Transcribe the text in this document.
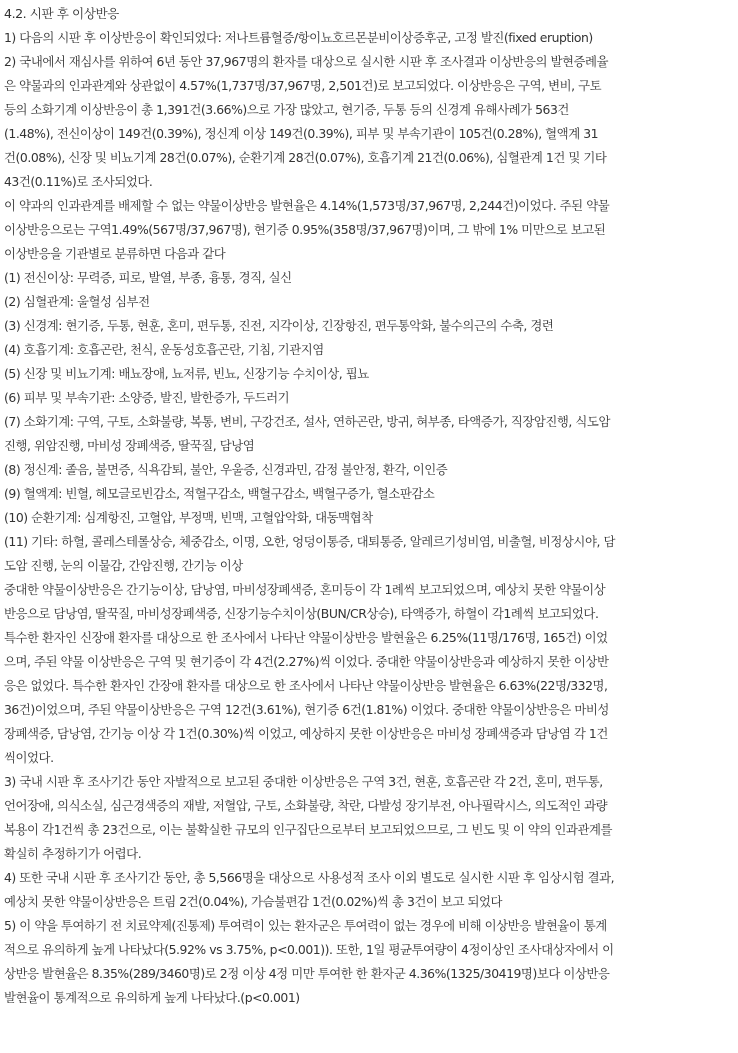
4.2. 시판 후 이상반응
1) 다음의 시판 후 이상반응이 확인되었다: 저나트륨혈증/항이뇨호르몬분비이상증후군, 고정 발진(fixed eruption)
2) 국내에서 재심사를 위하여 6년 동안 37,967명의 환자를 대상으로 실시한 시판 후 조사결과 이상반응의 발현증례율
은 약물과의 인과관계와 상관없이 4.57%(1,737명/37,967명, 2,501건)로 보고되었다. 이상반응은 구역, 변비, 구토
등의 소화기계 이상반응이 총 1,391건(3.66%)으로 가장 많았고, 현기증, 두통 등의 신경계 유해사례가 563건
(1.48%), 전신이상이 149건(0.39%), 정신계 이상 149건(0.39%), 피부 및 부속기관이 105건(0.28%), 혈액계 31
건(0.08%), 신장 및 비뇨기계 28건(0.07%), 순환기계 28건(0.07%), 호흡기계 21건(0.06%), 심혈관계 1건 및 기타
43건(0.11%)로 조사되었다.
이 약과의 인과관계를 배제할 수 없는 약물이상반응 발현율은 4.14%(1,573명/37,967명, 2,244건)이었다. 주된 약물
이상반응으로는 구역1.49%(567명/37,967명), 현기증 0.95%(358명/37,967명)이며, 그 밖에 1% 미만으로 보고된
이상반응을 기관별로 분류하면 다음과 같다
(1) 전신이상: 무력증, 피로, 발열, 부종, 흉통, 경직, 실신
(2) 심혈관계: 울혈성 심부전
(3) 신경계: 현기증, 두통, 현훈, 혼미, 편두통, 진전, 지각이상, 긴장항진, 편두통악화, 불수의근의 수축, 경련
(4) 호흡기계: 호흡곤란, 천식, 운동성호흡곤란, 기침, 기관지염
(5) 신장 및 비뇨기계: 배뇨장애, 뇨저류, 빈뇨, 신장기능 수치이상, 핍뇨
(6) 피부 및 부속기관: 소양증, 발진, 발한증가, 두드러기
(7) 소화기계: 구역, 구토, 소화불량, 복통, 변비, 구강건조, 설사, 연하곤란, 방귀, 혀부종, 타액증가, 직장암진행, 식도암
진행, 위암진행, 마비성 장폐색증, 딸꾹질, 담낭염
(8) 정신계: 졸음, 불면증, 식욕감퇴, 불안, 우울증, 신경과민, 감정 불안정, 환각, 이인증
(9) 혈액계: 빈혈, 헤모글로빈감소, 적혈구감소, 백혈구감소, 백혈구증가, 혈소판감소
(10) 순환기계: 심계항진, 고혈압, 부정맥, 빈맥, 고혈압악화, 대동맥협착
(11) 기타: 하혈, 콜레스테롤상승, 체중감소, 이명, 오한, 엉덩이통증, 대퇴통증, 알레르기성비염, 비출혈, 비정상시야, 담
도암 진행, 눈의 이물감, 간암진행, 간기능 이상
중대한 약물이상반응은 간기능이상, 담낭염, 마비성장폐색증, 혼미등이 각 1례씩 보고되었으며, 예상치 못한 약물이상
반응으로 담낭염, 딸꾹질, 마비성장폐색증, 신장기능수치이상(BUN/CR상승), 타액증가, 하혈이 각1례씩 보고되었다.
특수한 환자인 신장애 환자를 대상으로 한 조사에서 나타난 약물이상반응 발현율은 6.25%(11명/176명, 165건) 이었
으며, 주된 약물 이상반응은 구역 및 현기증이 각 4건(2.27%)씩 이었다. 중대한 약물이상반응과 예상하지 못한 이상반
응은 없었다. 특수한 환자인 간장애 환자를 대상으로 한 조사에서 나타난 약물이상반응 발현율은 6.63%(22명/332명,
36건)이었으며, 주된 약물이상반응은 구역 12건(3.61%), 현기증 6건(1.81%) 이었다. 중대한 약물이상반응은 마비성
장폐색증, 담낭염, 간기능 이상 각 1건(0.30%)씩 이었고, 예상하지 못한 이상반응은 마비성 장폐색증과 담낭염 각 1건
씩이었다.
3) 국내 시판 후 조사기간 동안 자발적으로 보고된 중대한 이상반응은 구역 3건, 현훈, 호흡곤란 각 2건, 혼미, 편두통,
언어장애, 의식소실, 심근경색증의 재발, 저혈압, 구토, 소화불량, 착란, 다발성 장기부전, 아나필락시스, 의도적인 과량
복용이 각1건씩 총 23건으로, 이는 불확실한 규모의 인구집단으로부터 보고되었으므로, 그 빈도 및 이 약의 인과관계를
확실히 추정하기가 어렵다.
4) 또한 국내 시판 후 조사기간 동안, 총 5,566명을 대상으로 사용성적 조사 이외 별도로 실시한 시판 후 임상시험 결과,
예상치 못한 약물이상반응은 트림 2건(0.04%), 가슴불편감 1건(0.02%)씩 총 3건이 보고 되었다
5) 이 약을 투여하기 전 치료약제(진통제) 투여력이 있는 환자군은 투여력이 없는 경우에 비해 이상반응 발현율이 통계
적으로 유의하게 높게 나타났다(5.92% vs 3.75%, p<0.001)). 또한, 1일 평균투여량이 4정이상인 조사대상자에서 이
상반응 발현율은 8.35%(289/3460명)로 2정 이상 4정 미만 투여한 한 환자군 4.36%(1325/30419명)보다 이상반응
발현율이 통계적으로 유의하게 높게 나타났다.(p<0.001)
